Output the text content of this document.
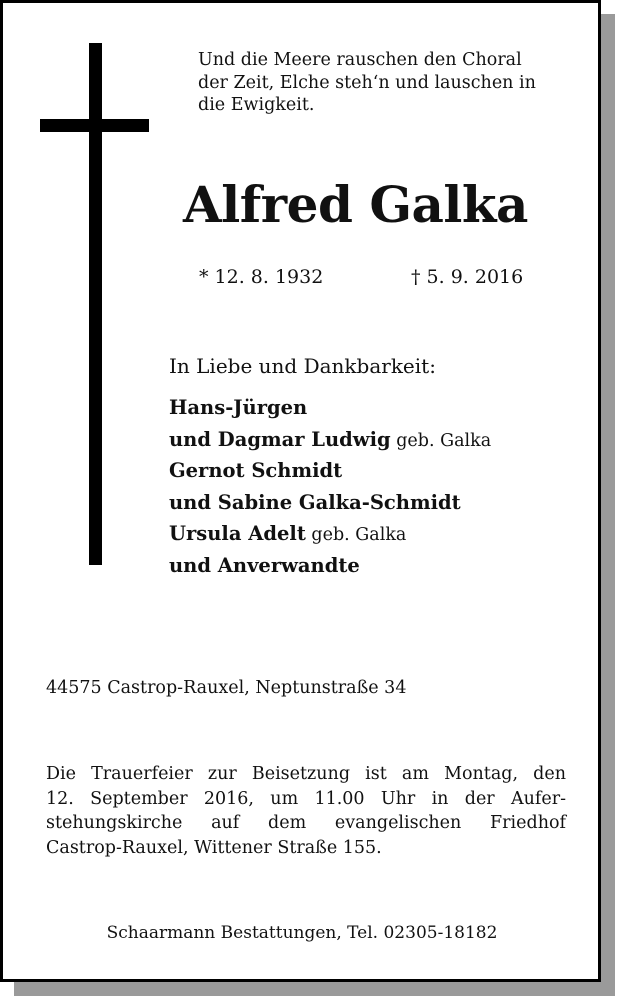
Und die Meere rauschen den Choral
der Zeit, Elche steh‘n und lauschen in
die Ewigkeit.

Alfred Galka
* 12. 8. 1932	† 5. 9. 2016
In Liebe und Dankbarkeit:
Hans-Jürgen
und Dagmar Ludwig geb. Galka
Gernot Schmidt
und Sabine Galka-Schmidt
Ursula Adelt geb. Galka
und Anverwandte
44575 Castrop-Rauxel, Neptunstraße 34

Die Trauerfeier zur Beisetzung ist am Montag, den
12. September 2016, um 11.00 Uhr in der Aufer-
stehungskirche auf dem evangelischen Friedhof
Castrop-Rauxel, Wittener Straße 155.

Schaarmann Bestattungen, Tel. 02305-18182
